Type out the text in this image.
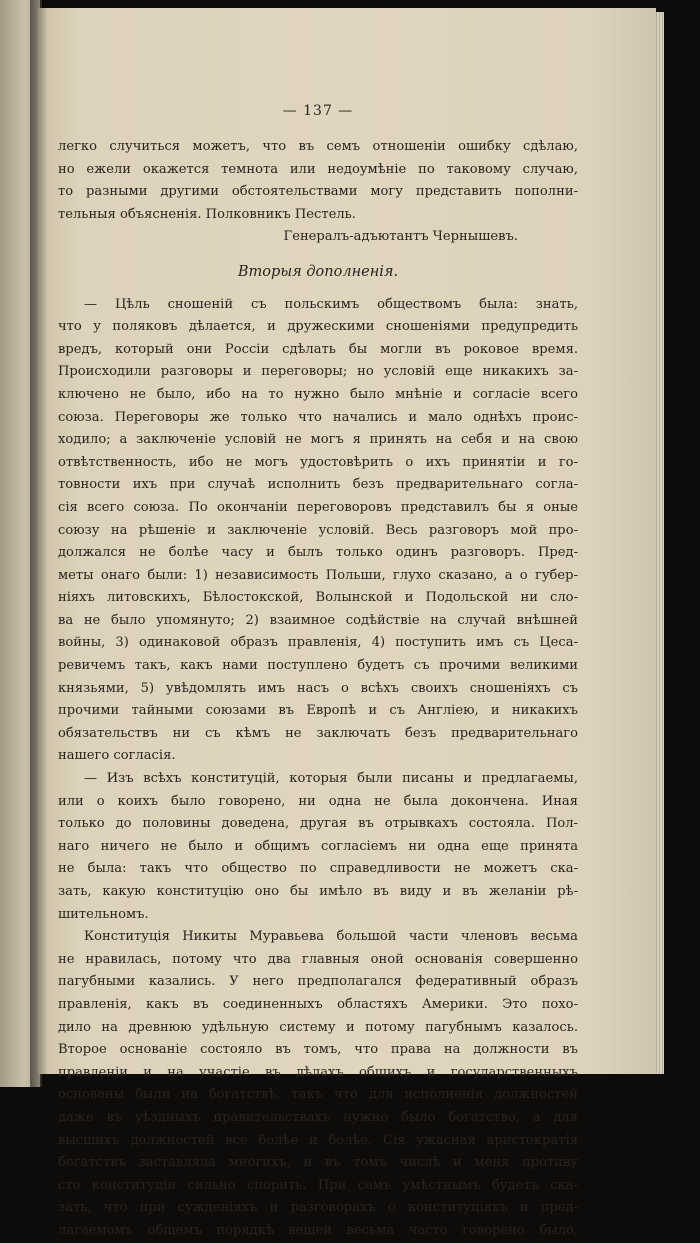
— 137 —
легко случиться можетъ, что въ семъ отношеніи ошибку сдѣлаю,
но ежели окажется темнота или недоумѣніе по таковому случаю,
то разными другими обстоятельствами могу представить пополни-
тельныя объясненія. Полковникъ Пестель.
Генералъ-адъютантъ Чернышевъ.
Вторыя дополненія.
— Цѣль сношеній съ польскимъ обществомъ была: знать,
что у поляковъ дѣлается, и дружескими сношеніями предупредить
вредъ, который они Россіи сдѣлать бы могли въ роковое время.
Происходили разговоры и переговоры; но условій еще никакихъ за-
ключено не было, ибо на то нужно было мнѣніе и согласіе всего
союза. Переговоры же только что начались и мало однѣхъ проис-
ходило; а заключеніе условій не могъ я принять на себя и на свою
отвѣтственность, ибо не могъ удостовѣрить о ихъ принятіи и го-
товности ихъ при случаѣ исполнить безъ предварительнаго согла-
сія всего союза. По окончаніи переговоровъ представилъ бы я оные
союзу на рѣшеніе и заключеніе условій. Весь разговоръ мой про-
должался не болѣе часу и былъ только одинъ разговоръ. Пред-
меты онаго были: 1) независимость Польши, глухо сказано, а о губер-
ніяхъ литовскихъ, Бѣлостокской, Волынской и Подольской ни сло-
ва не было упомянуто; 2) взаимное содѣйствіе на случай внѣшней
войны, 3) одинаковой образъ правленія, 4) поступить имъ съ Цеса-
ревичемъ такъ, какъ нами поступлено будетъ съ прочими великими
князьями, 5) увѣдомлять имъ насъ о всѣхъ своихъ сношеніяхъ съ
прочими тайными союзами въ Европѣ и съ Англіею, и никакихъ
обязательствъ ни съ кѣмъ не заключать безъ предварительнаго
нашего согласія.
— Изъ всѣхъ конституцій, которыя были писаны и предлагаемы,
или о коихъ было говорено, ни одна не была докончена. Иная
только до половины доведена, другая въ отрывкахъ состояла. Пол-
наго ничего не было и общимъ согласіемъ ни одна еще принята
не была: такъ что общество по справедливости не можетъ ска-
зать, какую конституцію оно бы имѣло въ виду и въ желаніи рѣ-
шительномъ.
Конституція Никиты Муравьева большой части членовъ весьма
не нравилась, потому что два главныя оной основанія совершенно
пагубными казались. У него предполагался федеративный образъ
правленія, какъ въ соединенныхъ областяхъ Америки. Это похо-
дило на древнюю удѣльную систему и потому пагубнымъ казалось.
Второе основаніе состояло въ томъ, что права на должности въ
правленіи и на участіе въ дѣлахъ общихъ и государственныхъ
основаны были на богатствѣ, такъ что для исполненія должностей
даже въ уѣздныхъ правительствахъ нужно было богатство, а для
высшихъ должностей все болѣе и болѣе. Сія ужасная аристократія
богатствъ заставляла многихъ, и въ томъ числѣ и меня противу
сто конституціи сильно спорить. При семъ умѣстнымъ будетъ ска-
зать, что при сужденіяхъ и разговорахъ о конституціяхъ и пред-
лагаемомъ общемъ порядкѣ вещей весьма часто говорено было,
